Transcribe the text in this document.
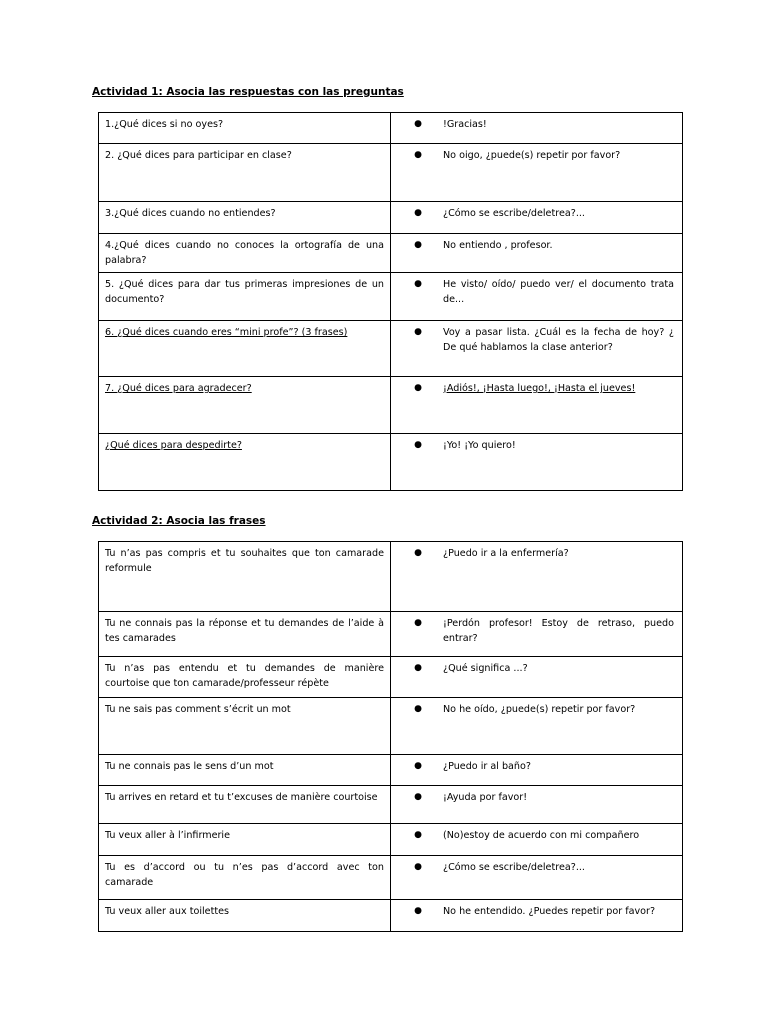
Actividad 1: Asocia las respuestas con las preguntas
1.¿Qué dices si no oyes?	● !Gracias!

2. ¿Qué dices para participar en clase?	● No oigo, ¿puede(s) repetir por favor?

3.¿Qué dices cuando no entiendes?	● ¿Cómo se escribe/deletrea?...

4.¿Qué dices cuando no conoces la ortografía de una palabra?	● No entiendo , profesor.

5. ¿Qué dices para dar tus primeras impresiones de un documento?	● He visto/ oído/ puedo ver/ el documento trata de...

6. ¿Qué dices cuando eres “mini profe”? (3 frases)	● Voy a pasar lista. ¿Cuál es la fecha de hoy? ¿ De qué hablamos la clase anterior?

7. ¿Qué dices para agradecer?	● ¡Adiós!, ¡Hasta luego!, ¡Hasta el jueves!

¿Qué dices para despedirte?	● ¡Yo! ¡Yo quiero!
Actividad 2: Asocia las frases
Tu n’as pas compris et tu souhaites que ton camarade reformule	● ¿Puedo ir a la enfermería?

Tu ne connais pas la réponse et tu demandes de l’aide à tes camarades	● ¡Perdón profesor! Estoy de retraso, puedo entrar?

Tu n’as pas entendu et tu demandes de manière courtoise que ton camarade/professeur répète	● ¿Qué significa ...?

Tu ne sais pas comment s’écrit un mot	● No he oído, ¿puede(s) repetir por favor?

Tu ne connais pas le sens d’un mot	● ¿Puedo ir al baño?

Tu arrives en retard et tu t’excuses de manière courtoise	● ¡Ayuda por favor!

Tu veux aller à l’infirmerie	● (No)estoy de acuerdo con mi compañero

Tu es d’accord ou tu n’es pas d’accord avec ton camarade	● ¿Cómo se escribe/deletrea?...

Tu veux aller aux toilettes	● No he entendido. ¿Puedes repetir por favor?
